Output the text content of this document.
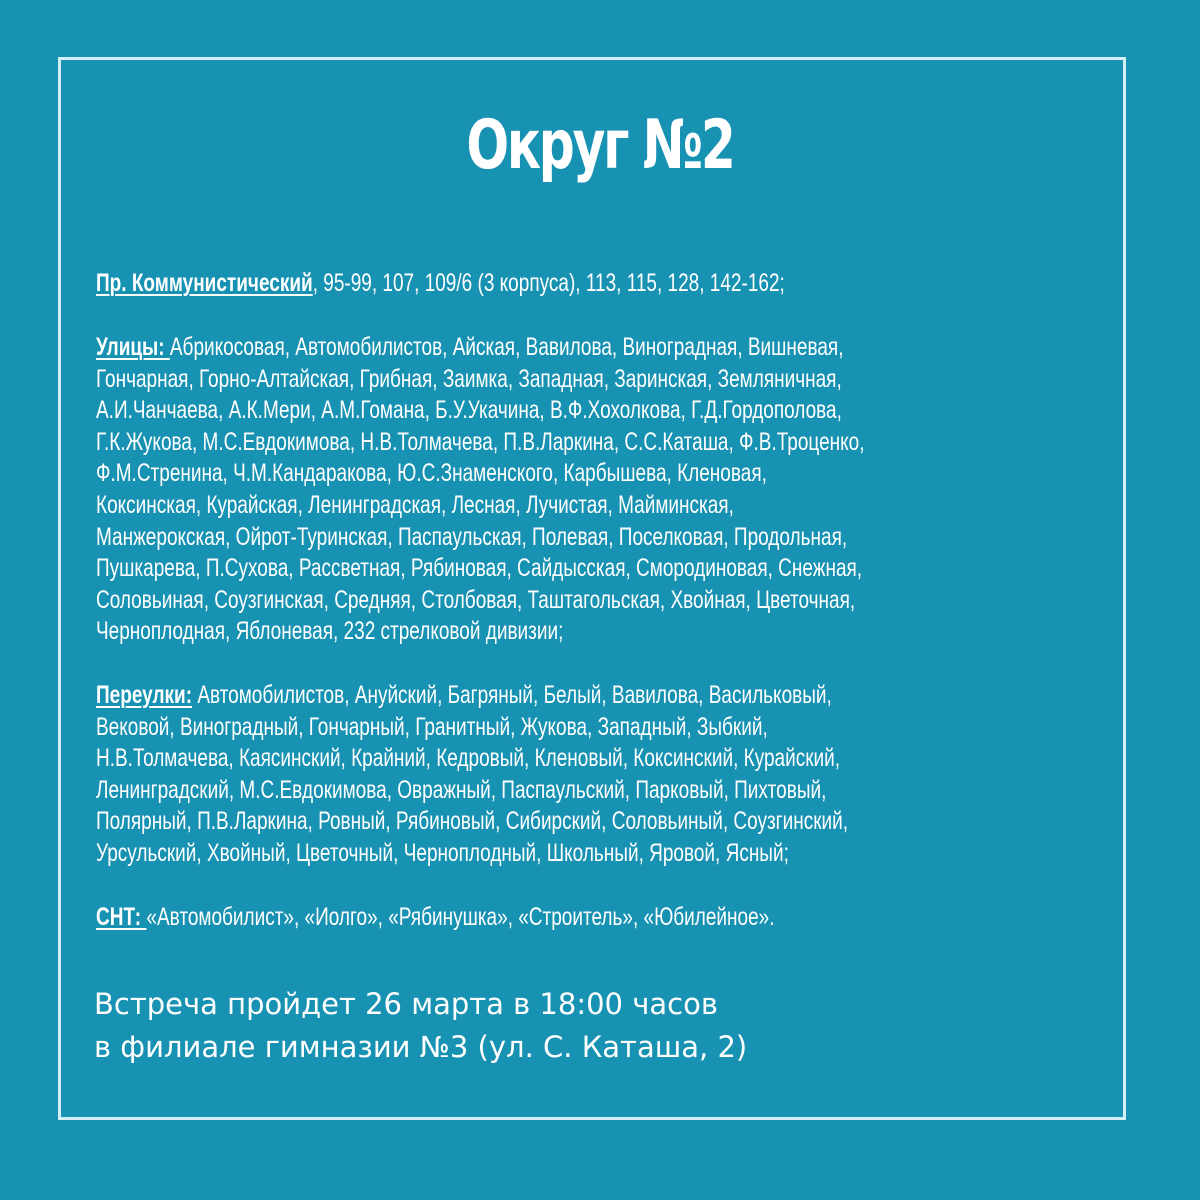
Округ №2
Пр. Коммунистический, 95-99, 107, 109/6 (3 корпуса), 113, 115, 128, 142-162;
Улицы: Абрикосовая, Автомобилистов, Айская, Вавилова, Виноградная, Вишневая,
Гончарная, Горно-Алтайская, Грибная, Заимка, Западная, Заринская, Земляничная,
А.И.Чанчаева, А.К.Мери, А.М.Гомана, Б.У.Укачина, В.Ф.Хохолкова, Г.Д.Гордополова,
Г.К.Жукова, М.С.Евдокимова, Н.В.Толмачева, П.В.Ларкина, С.С.Каташа, Ф.В.Троценко,
Ф.М.Стренина, Ч.М.Кандаракова, Ю.С.Знаменского, Карбышева, Кленовая,
Коксинская, Курайская, Ленинградская, Лесная, Лучистая, Майминская,
Манжерокская, Ойрот-Туринская, Паспаульская, Полевая, Поселковая, Продольная,
Пушкарева, П.Сухова, Рассветная, Рябиновая, Сайдысская, Смородиновая, Снежная,
Соловьиная, Соузгинская, Средняя, Столбовая, Таштагольская, Хвойная, Цветочная,
Черноплодная, Яблоневая, 232 стрелковой дивизии;
Переулки: Автомобилистов, Ануйский, Багряный, Белый, Вавилова, Васильковый,
Вековой, Виноградный, Гончарный, Гранитный, Жукова, Западный, Зыбкий,
Н.В.Толмачева, Каясинский, Крайний, Кедровый, Кленовый, Коксинский, Курайский,
Ленинградский, М.С.Евдокимова, Овражный, Паспаульский, Парковый, Пихтовый,
Полярный, П.В.Ларкина, Ровный, Рябиновый, Сибирский, Соловьиный, Соузгинский,
Урсульский, Хвойный, Цветочный, Черноплодный, Школьный, Яровой, Ясный;
СНТ: «Автомобилист», «Иолго», «Рябинушка», «Строитель», «Юбилейное».
Встреча пройдет 26 марта в 18:00 часов
в филиале гимназии №3 (ул. С. Каташа, 2)
